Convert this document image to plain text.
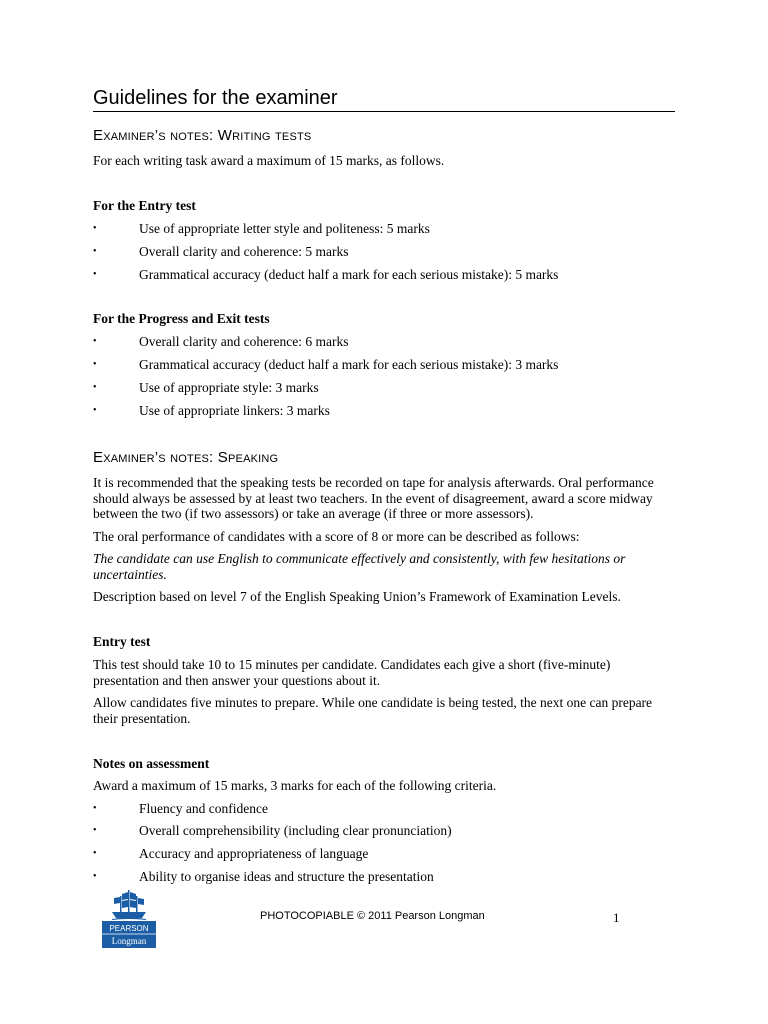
Guidelines for the examiner
Examiner’s notes: Writing tests

For each writing task award a maximum of 15 marks, as follows.

For the Entry test

•	Use of appropriate letter style and politeness: 5 marks
•	Overall clarity and coherence: 5 marks
•	Grammatical accuracy (deduct half a mark for each serious mistake): 5 marks

For the Progress and Exit tests

•	Overall clarity and coherence: 6 marks
•	Grammatical accuracy (deduct half a mark for each serious mistake): 3 marks
•	Use of appropriate style: 3 marks
•	Use of appropriate linkers: 3 marks
Examiner’s notes: Speaking

It is recommended that the speaking tests be recorded on tape for analysis afterwards. Oral performance should always be assessed by at least two teachers. In the event of disagreement, award a score midway between the two (if two assessors) or take an average (if three or more assessors).

The oral performance of candidates with a score of 8 or more can be described as follows:

The candidate can use English to communicate effectively and consistently, with few hesitations or uncertainties.

Description based on level 7 of the English Speaking Union’s Framework of Examination Levels.

Entry test

This test should take 10 to 15 minutes per candidate. Candidates each give a short (five-minute) presentation and then answer your questions about it.

Allow candidates five minutes to prepare. While one candidate is being tested, the next one can prepare their presentation.

Notes on assessment

Award a maximum of 15 marks, 3 marks for each of the following criteria.

•	Fluency and confidence
•	Overall comprehensibility (including clear pronunciation)
•	Accuracy and appropriateness of language
•	Ability to organise ideas and structure the presentation
PEARSON
Longman
PHOTOCOPIABLE © 2011 Pearson Longman	1
